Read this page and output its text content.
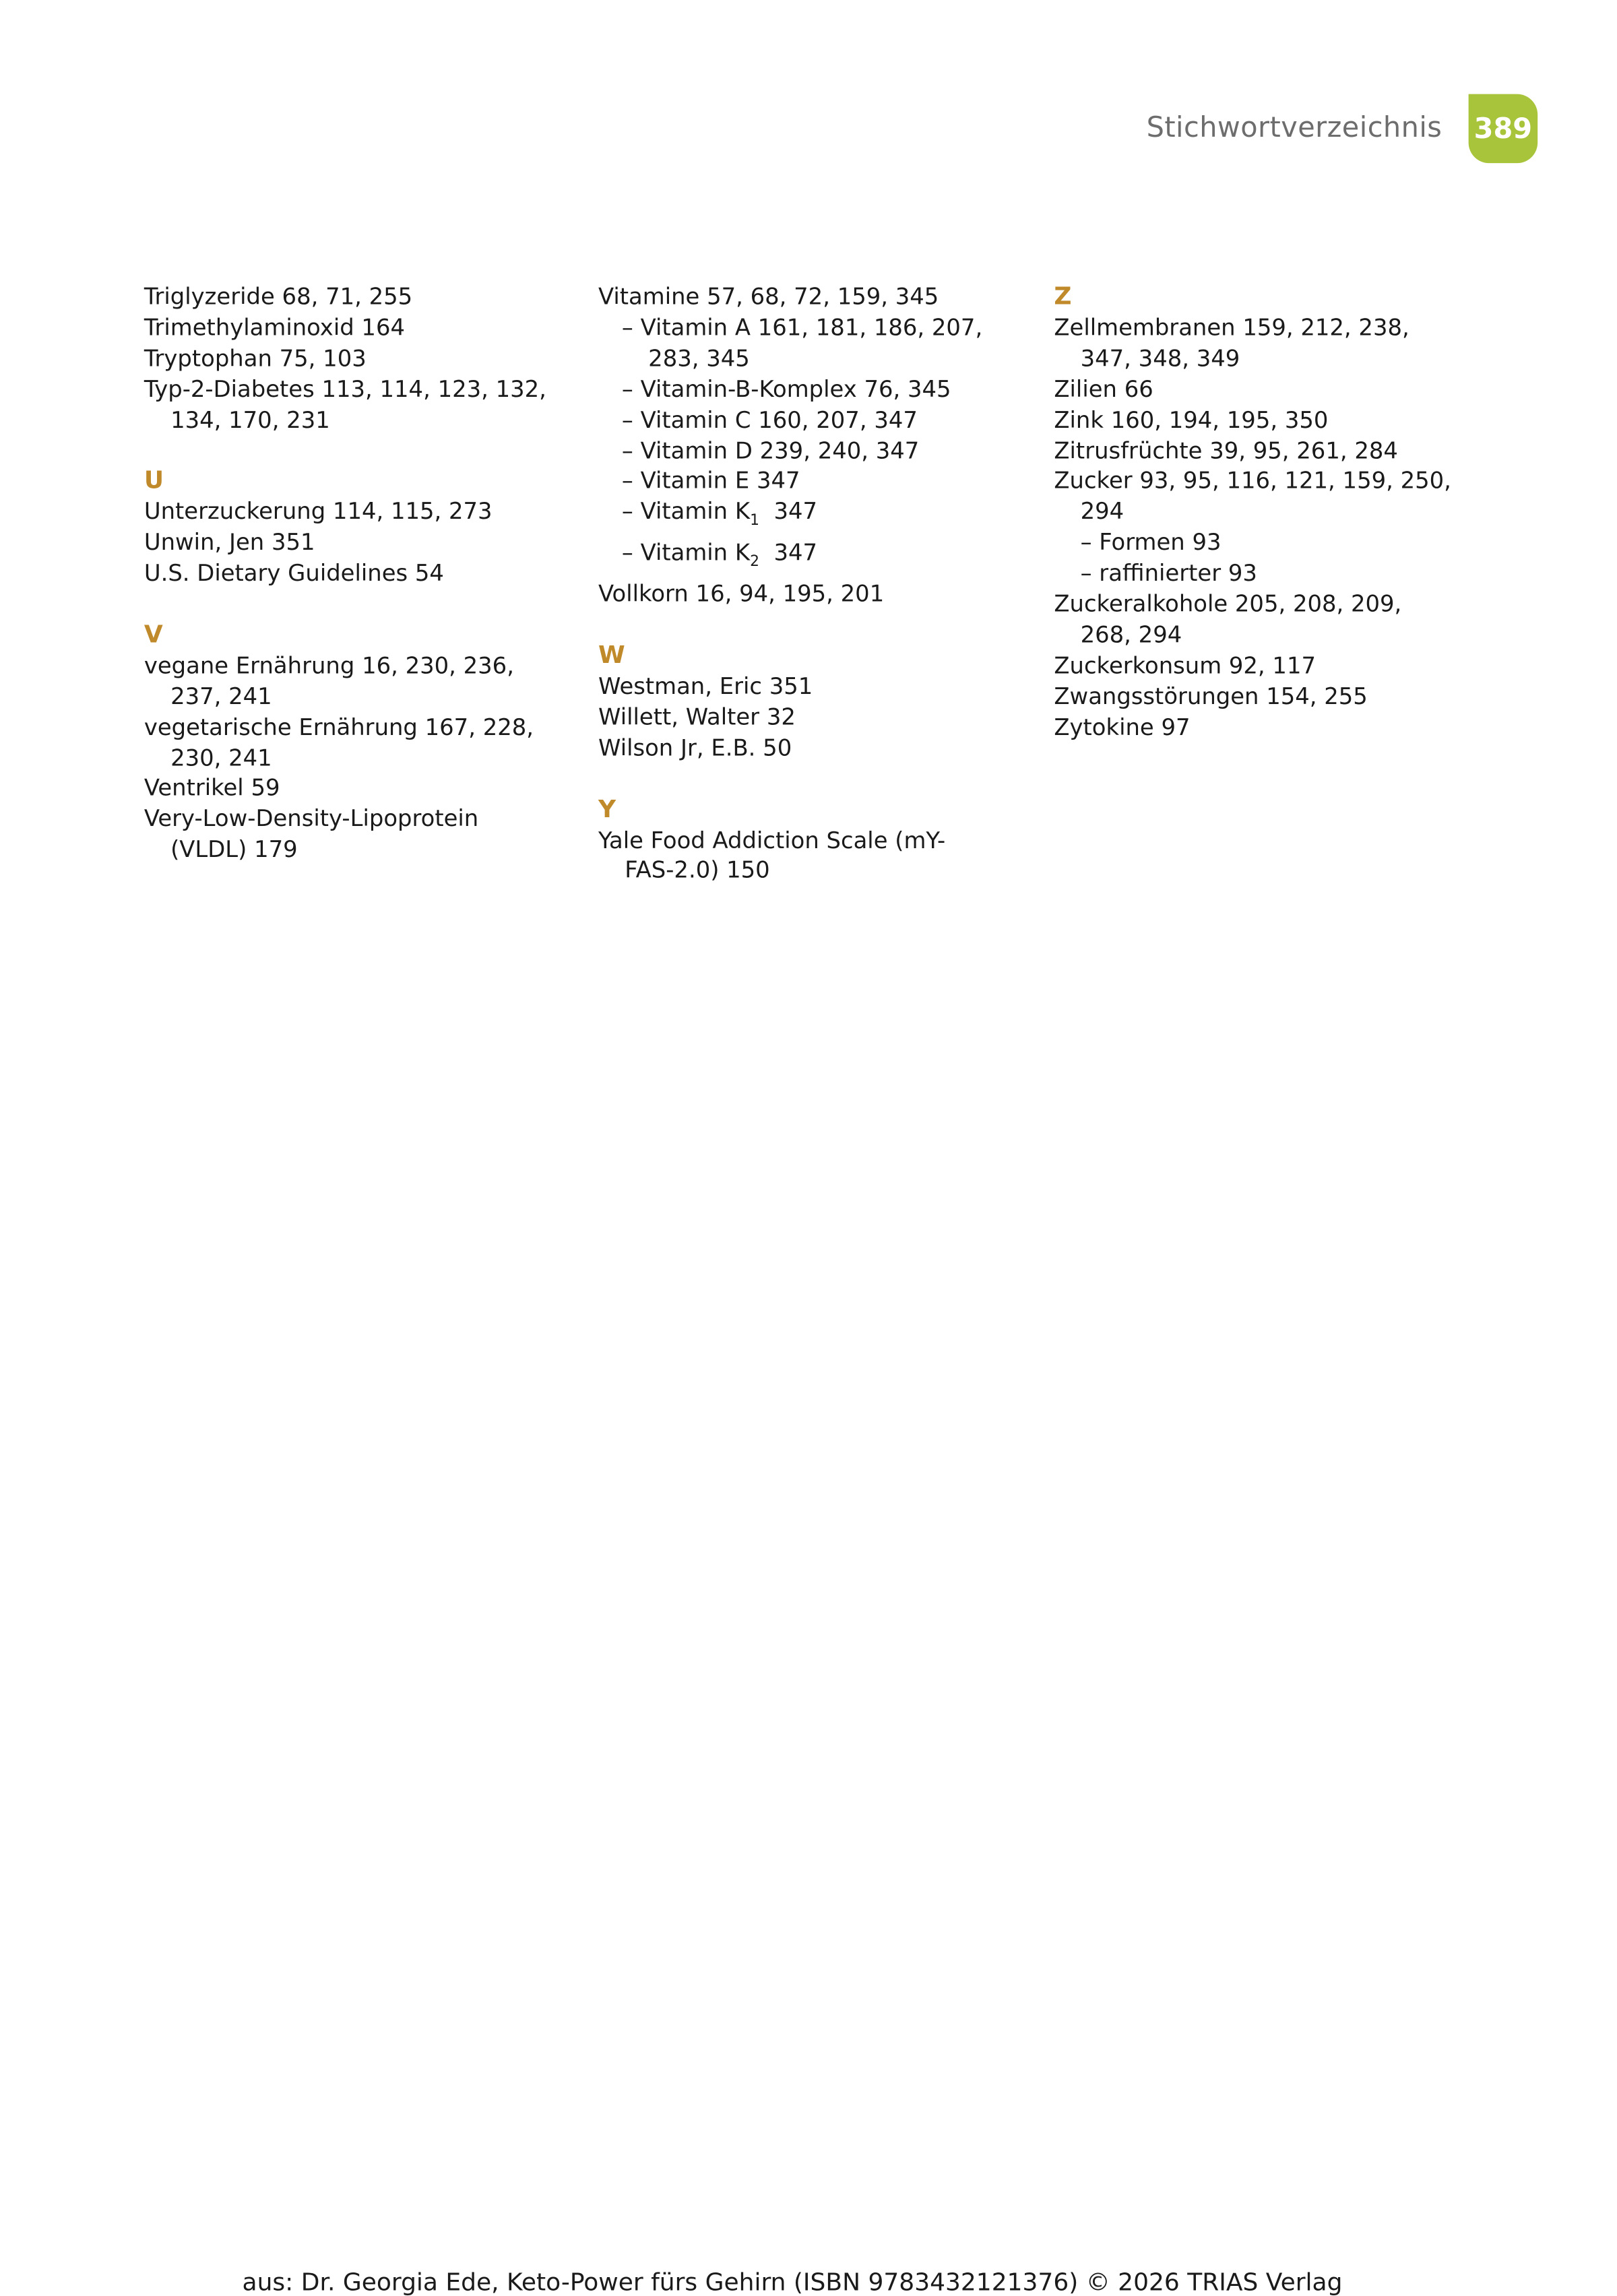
Stichwortverzeichnis	389
Triglyzeride 68, 71, 255
Trimethylaminoxid 164
Tryptophan 75, 103
Typ-2-Diabetes 113, 114, 123, 132,
134, 170, 231
U
Unterzuckerung 114, 115, 273
Unwin, Jen 351
U.S. Dietary Guidelines 54
V
vegane Ernährung 16, 230, 236,
237, 241
vegetarische Ernährung 167, 228,
230, 241
Ventrikel 59
Very-Low-Density-Lipoprotein
(VLDL) 179
Vitamine 57, 68, 72, 159, 345
– Vitamin A 161, 181, 186, 207,
283, 345
– Vitamin-B-Komplex 76, 345
– Vitamin C 160, 207, 347
– Vitamin D 239, 240, 347
– Vitamin E 347
– Vitamin $K_1$  347
– Vitamin $K_2$  347
Vollkorn 16, 94, 195, 201
W
Westman, Eric 351
Willett, Walter 32
Wilson Jr, E.B. 50
Y
Yale Food Addiction Scale (mY-
FAS-2.0) 150
Z
Zellmembranen 159, 212, 238,
347, 348, 349
Zilien 66
Zink 160, 194, 195, 350
Zitrusfrüchte 39, 95, 261, 284
Zucker 93, 95, 116, 121, 159, 250,
294
– Formen 93
– raffinierter 93
Zuckeralkohole 205, 208, 209,
268, 294
Zuckerkonsum 92, 117
Zwangsstörungen 154, 255
Zytokine 97
aus: Dr. Georgia Ede, Keto-Power fürs Gehirn (ISBN 9783432121376) © 2026 TRIAS Verlag
